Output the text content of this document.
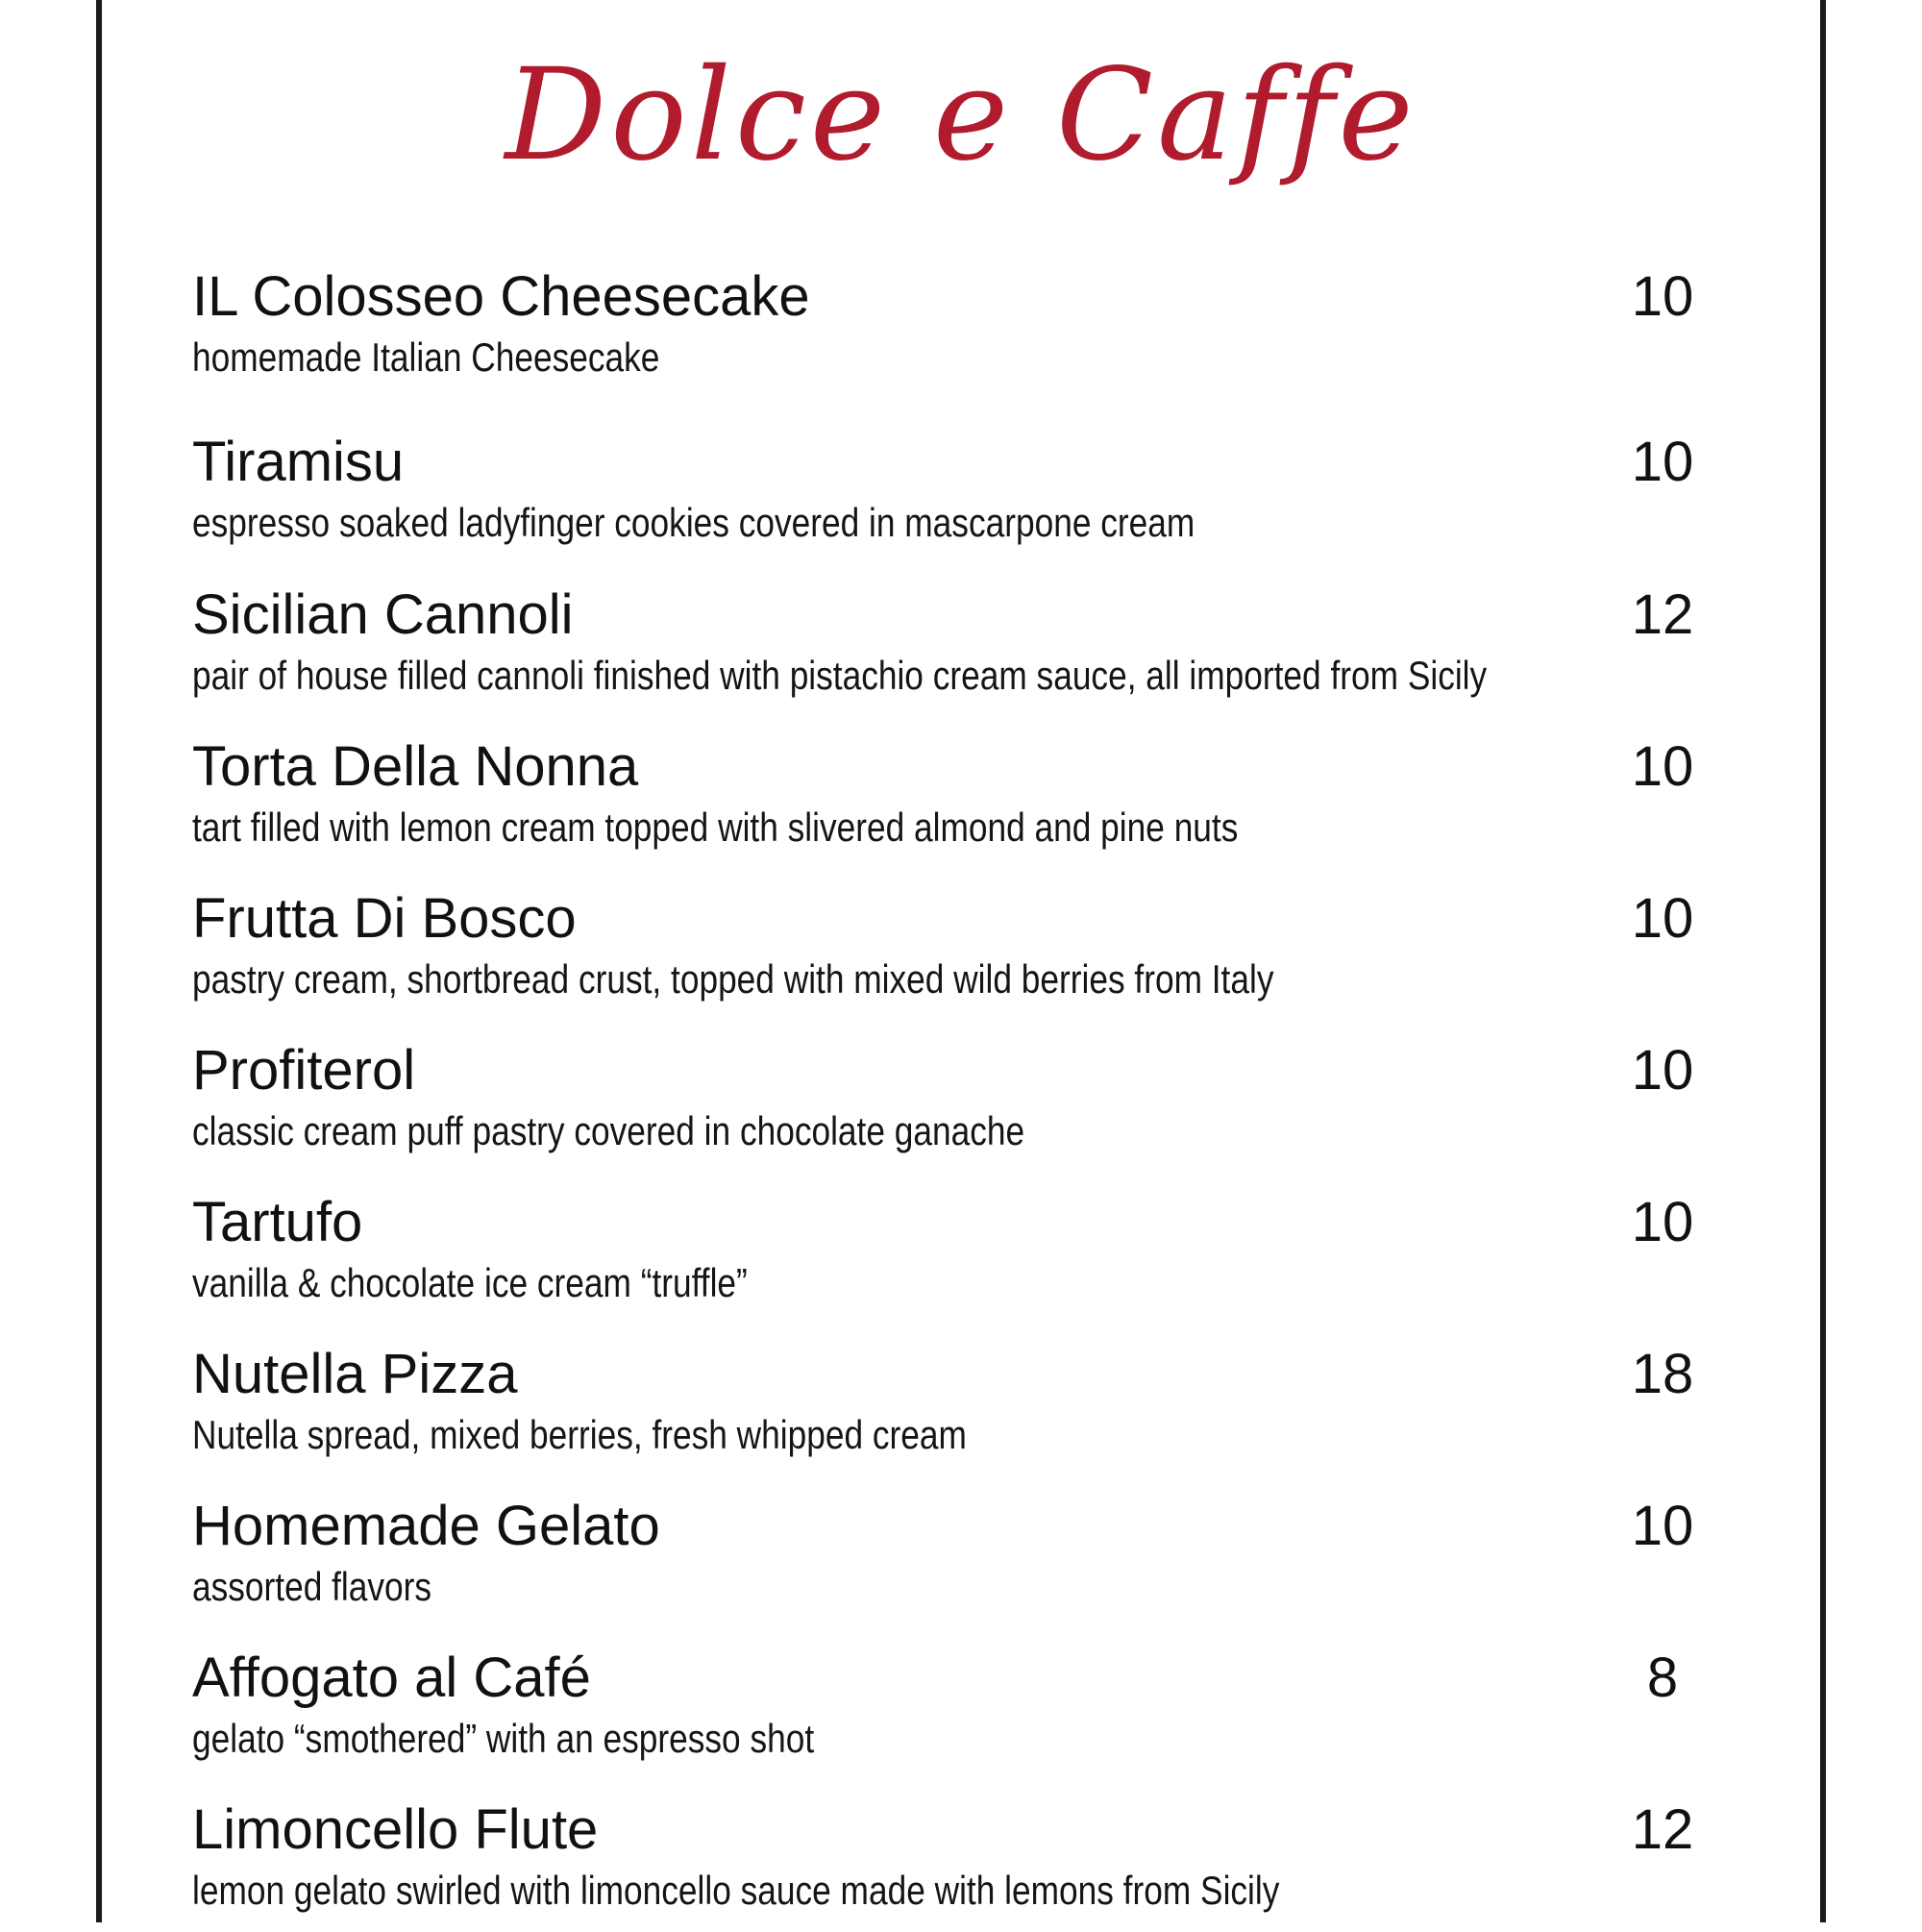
Dolce e Caffe
IL Colosseo Cheesecake	10
homemade Italian Cheesecake
Tiramisu	10
espresso soaked ladyfinger cookies covered in mascarpone cream
Sicilian Cannoli	12
pair of house filled cannoli finished with pistachio cream sauce, all imported from Sicily
Torta Della Nonna	10
tart filled with lemon cream topped with slivered almond and pine nuts
Frutta Di Bosco	10
pastry cream, shortbread crust, topped with mixed wild berries from Italy
Profiterol	10
classic cream puff pastry covered in chocolate ganache
Tartufo	10
vanilla & chocolate ice cream “truffle”
Nutella Pizza	18
Nutella spread, mixed berries, fresh whipped cream
Homemade Gelato	10
assorted flavors
Affogato al Café	8
gelato “smothered” with an espresso shot
Limoncello Flute	12
lemon gelato swirled with limoncello sauce made with lemons from Sicily
